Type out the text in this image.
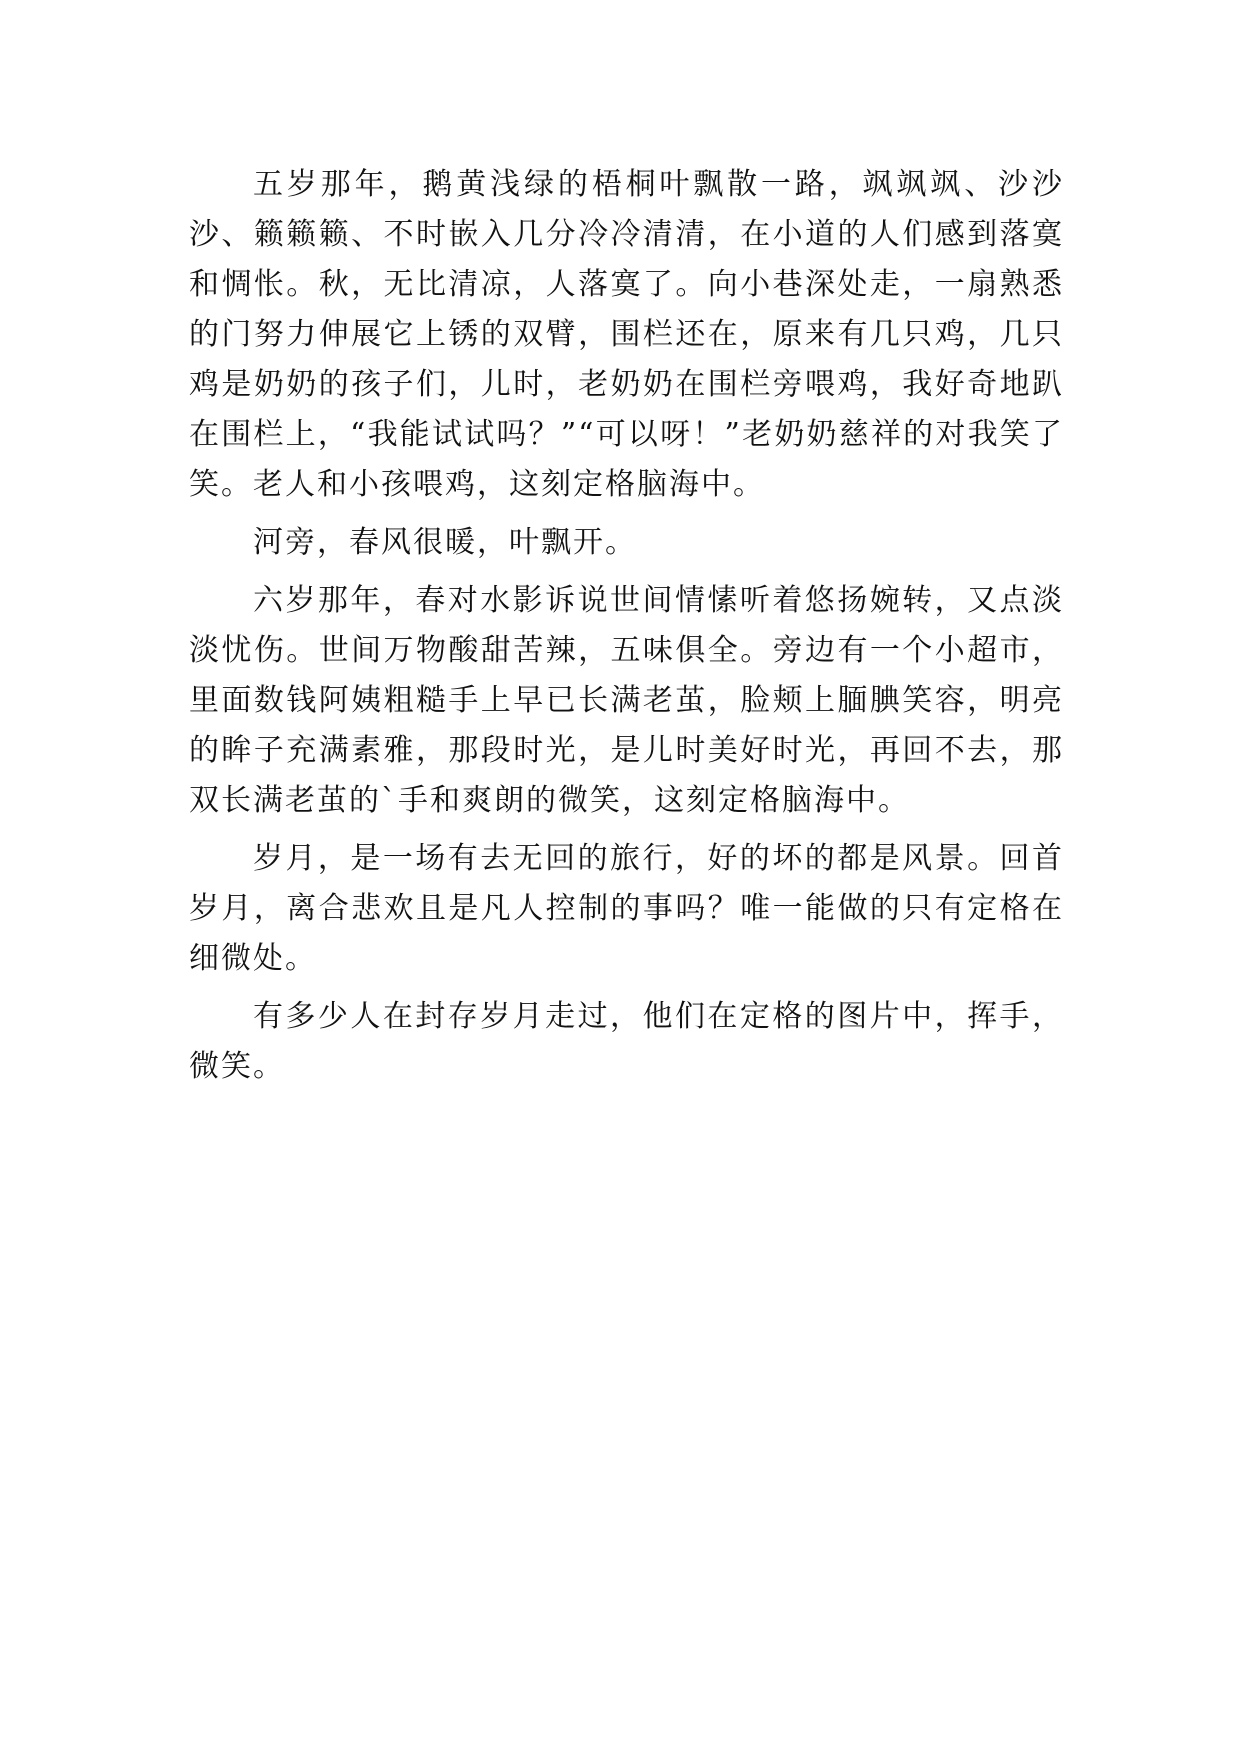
五岁那年，鹅黄浅绿的梧桐叶飘散一路，飒飒飒、沙沙沙、籁籁籁、不时嵌入几分冷冷清清，在小道的人们感到落寞和惆怅。秋，无比清凉，人落寞了。向小巷深处走，一扇熟悉的门努力伸展它上锈的双臂，围栏还在，原来有几只鸡，几只鸡是奶奶的孩子们，儿时，老奶奶在围栏旁喂鸡，我好奇地趴在围栏上，“我能试试吗？”“可以呀！”老奶奶慈祥的对我笑了笑。老人和小孩喂鸡，这刻定格脑海中。

河旁，春风很暖，叶飘开。

六岁那年，春对水影诉说世间情愫听着悠扬婉转，又点淡淡忧伤。世间万物酸甜苦辣，五味俱全。旁边有一个小超市，里面数钱阿姨粗糙手上早已长满老茧，脸颊上腼腆笑容，明亮的眸子充满素雅，那段时光，是儿时美好时光，再回不去，那双长满老茧的`手和爽朗的微笑，这刻定格脑海中。

岁月，是一场有去无回的旅行，好的坏的都是风景。回首岁月，离合悲欢且是凡人控制的事吗？唯一能做的只有定格在细微处。

有多少人在封存岁月走过，他们在定格的图片中，挥手，微笑。
